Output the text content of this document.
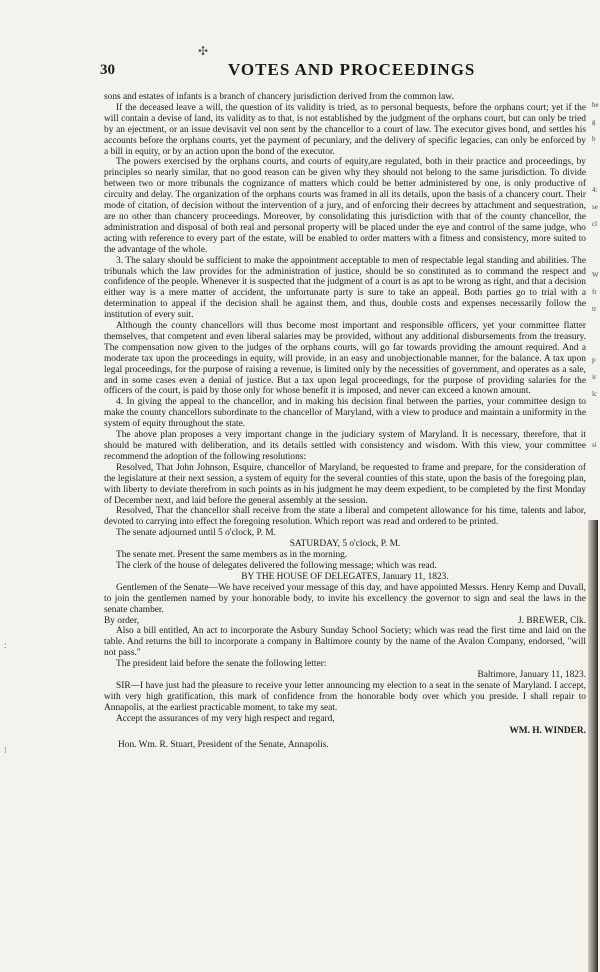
✣
30	VOTES AND PROCEEDINGS

sons and estates of infants is a branch of chancery jurisdiction derived from the common law.

If the deceased leave a will, the question of its validity is tried, as to personal bequests, before the orphans court; yet if the will contain a devise of land, its validity as to that, is not established by the judgment of the orphans court, but can only be tried by an ejectment, or an issue devisavit vel non sent by the chancellor to a court of law. The executor gives bond, and settles his accounts before the orphans courts, yet the payment of pecuniary, and the delivery of specific legacies, can only be enforced by a bill in equity, or by an action upon the bond of the executor.

The powers exercised by the orphans courts, and courts of equity,are regulated, both in their practice and proceedings, by principles so nearly similar, that no good reason can be given why they should not belong to the same jurisdiction. To divide between two or more tribunals the cognizance of matters which could be better administered by one, is only productive of circuity and delay. The organization of the orphans courts was framed in all its details, upon the basis of a chancery court. Their mode of citation, of decision without the intervention of a jury, and of enforcing their decrees by attachment and sequestration, are no other than chancery proceedings. Moreover, by consolidating this jurisdiction with that of the county chancellor, the administration and disposal of both real and personal property will be placed under the eye and control of the same judge, who acting with reference to every part of the estate, will be enabled to order matters with a fitness and consistency, more suited to the advantage of the whole.

3. The salary should be sufficient to make the appointment acceptable to men of respectable legal standing and abilities. The tribunals which the law provides for the administration of justice, should be so constituted as to command the respect and confidence of the people. Whenever it is suspected that the judgment of a court is as apt to be wrong as right, and that a decision either way is a mere matter of accident, the unfortunate party is sure to take an appeal. Both parties go to trial with a determination to appeal if the decision shall be against them, and thus, double costs and expenses necessarily follow the institution of every suit.

Although the county chancellors will thus become most important and responsible officers, yet your committee flatter themselves, that competent and even liberal salaries may be provided, without any additional disbursements from the treasury. The compensation now given to the judges of the orphans courts, will go far towards providing the amount required. And a moderate tax upon the proceedings in equity, will provide, in an easy and unobjectionable manner, for the balance. A tax upon legal proceedings, for the purpose of raising a revenue, is limited only by the necessities of government, and operates as a sale, and in some cases even a denial of justice. But a tax upon legal proceedings, for the purpose of providing salaries for the officers of the court, is paid by those only for whose benefit it is imposed, and never can exceed a known amount.

4. In giving the appeal to the chancellor, and in making his decision final between the parties, your committee design to make the county chancellors subordinate to the chancellor of Maryland, with a view to produce and maintain a uniformity in the system of equity throughout the state.

The above plan proposes a very important change in the judiciary system of Maryland. It is necessary, therefore, that it should be matured with deliberation, and its details settled with consistency and wisdom. With this view, your committee recommend the adoption of the following resolutions:

Resolved, That John Johnson, Esquire, chancellor of Maryland, be requested to frame and prepare, for the consideration of the legislature at their next session, a system of equity for the several counties of this state, upon the basis of the foregoing plan, with liberty to deviate therefrom in such points as in his judgment he may deem expedient, to be completed by the first Monday of December next, and laid before the general assembly at the session.

Resolved, That the chancellor shall receive from the state a liberal and competent allowance for his time, talents and labor, devoted to carrying into effect the foregoing resolution. Which report was read and ordered to be printed.

The senate adjourned until 5 o'clock, P. M.

SATURDAY, 5 o'clock, P. M.

The senate met. Present the same members as in the morning.

The clerk of the house of delegates delivered the following message; which was read.

BY THE HOUSE OF DELEGATES, January 11, 1823.

Gentlemen of the Senate—We have received your message of this day, and have appointed Messrs. Henry Kemp and Duvall, to join the gentlemen named by your honorable body, to invite his excellency the governor to sign and seal the laws in the senate chamber.

By order,	J. BREWER, Clk.

Also a bill entitled, An act to incorporate the Asbury Sunday School Society; which was read the first time and laid on the table. And returns the bill to incorporate a company in Baltimore county by the name of the Avalon Company, endorsed, "will not pass."

The president laid before the senate the following letter:

Baltimore, January 11, 1823.

SIR—I have just had the pleasure to receive your letter announcing my election to a seat in the senate of Maryland. I accept, with very high gratification, this mark of confidence from the honorable body over which you preside. I shall repair to Annapolis, at the earliest practicable moment, to take my seat.

Accept the assurances of my very high respect and regard,

WM. H. WINDER.

Hon. Wm. R. Stuart, President of the Senate, Annapolis.

be
g
b
4:
se
cl
W
fr
tr
p
ir
lc
si
:
⁝
